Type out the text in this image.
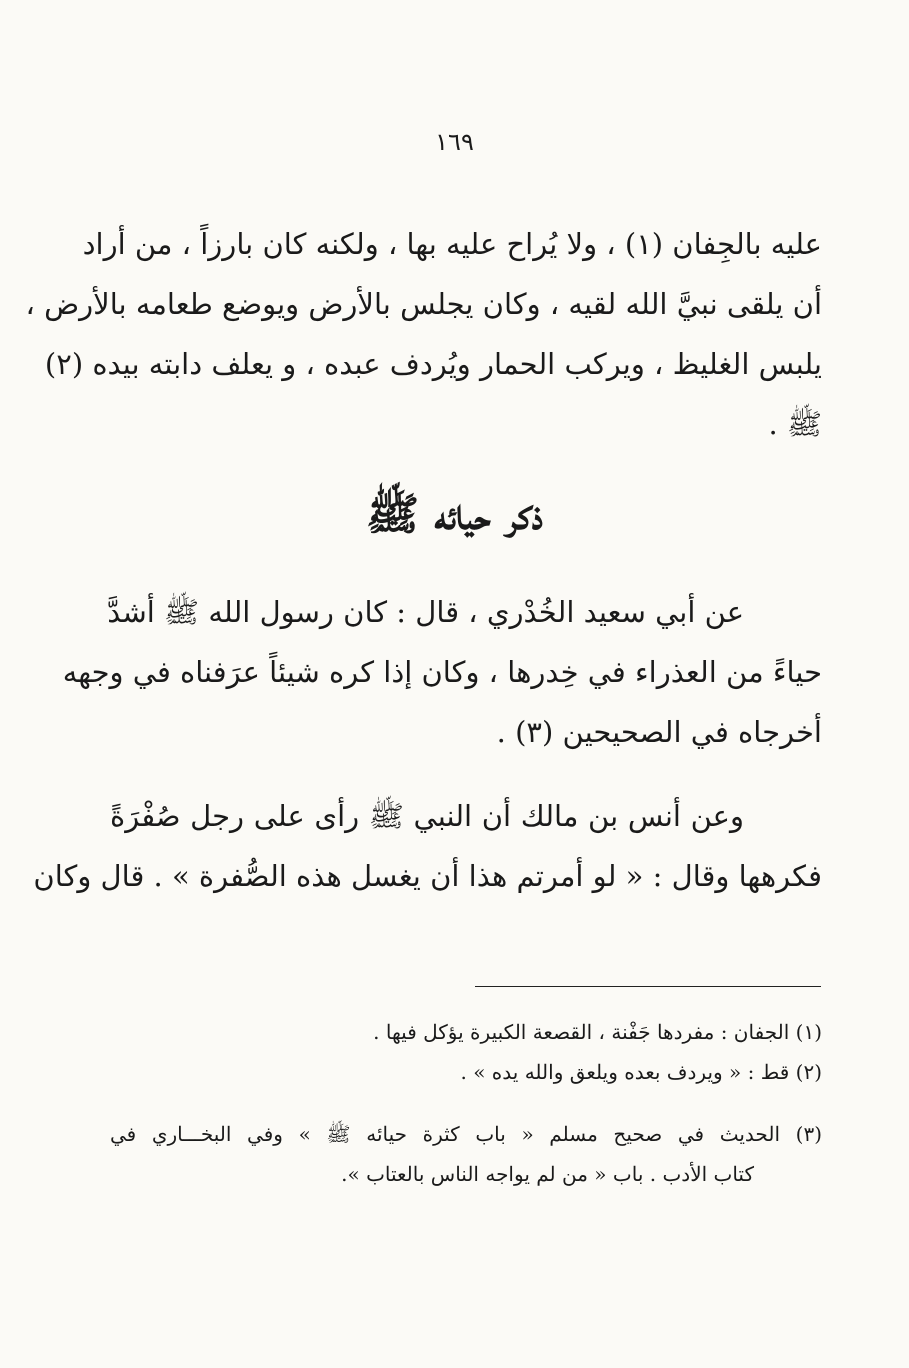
١٦٩
عليه بالجِفان (١) ، ولا يُراح عليه بها ، ولكنه كان بارزاً ، من أراد
أن يلقى نبيَّ الله لقيه ، وكان يجلس بالأرض ويوضع طعامه بالأرض ،
يلبس الغليظ ، ويركب الحمار ويُردف عبده ، و يعلف دابته بيده (٢)
ﷺ .
ذكر حيائه ﷺ
عن أبي سعيد الخُدْري ، قال : كان رسول الله ﷺ أشدَّ
حياءً من العذراء في خِدرها ، وكان إذا كره شيئاً عرَفناه في وجهه
أخرجاه في الصحيحين (٣) .
وعن أنس بن مالك أن النبي ﷺ رأى على رجل صُفْرَةً
فكرهها وقال : « لو أمرتم هذا أن يغسل هذه الصُّفرة » . قال وكان
(١) الجفان : مفردها جَفْنة ، القصعة الكبيرة يؤكل فيها .
(٢) قط : « ويردف بعده ويلعق والله يده » .
(٣) الحديث في صحيح مسلم « باب كثرة حيائه ﷺ » وفي البخـــاري في
كتاب الأدب . باب « من لم يواجه الناس بالعتاب ».
